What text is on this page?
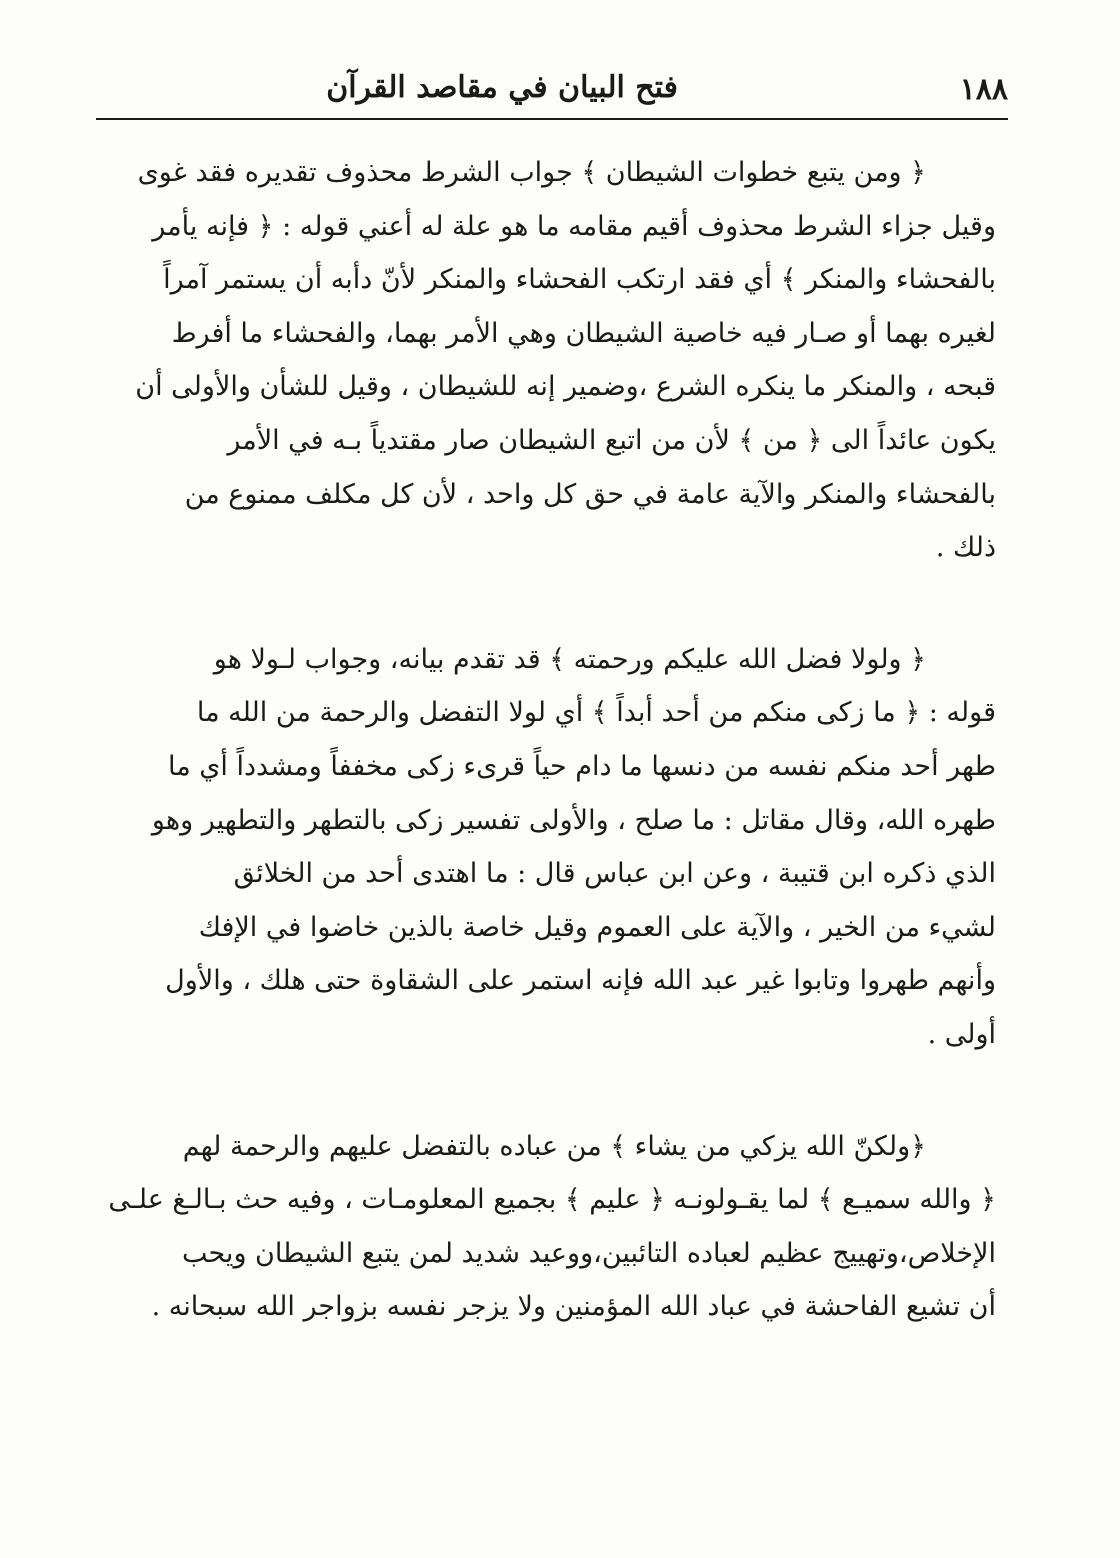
١٨٨
فتح البيان في مقاصد القرآن

﴿ ومن يتبع خطوات الشيطان ﴾ جواب الشرط محذوف تقديره فقد غوى
وقيل جزاء الشرط محذوف أقيم مقامه ما هو علة له أعني قوله : ﴿ فإنه يأمر
بالفحشاء والمنكر ﴾ أي فقد ارتكب الفحشاء والمنكر لأنّ دأبه أن يستمر آمراً
لغيره بهما أو صـار فيه خاصية الشيطان وهي الأمر بهما، والفحشاء ما أفرط
قبحه ، والمنكر ما ينكره الشرع ،وضمير إنه للشيطان ، وقيل للشأن والأولى أن
يكون عائداً الى ﴿ من ﴾ لأن من اتبع الشيطان صار مقتدياً بـه في الأمر
بالفحشاء والمنكر والآية عامة في حق كل واحد ، لأن كل مكلف ممنوع من
ذلك .

﴿ ولولا فضل الله عليكم ورحمته ﴾ قد تقدم بيانه، وجواب لـولا هو
قوله : ﴿ ما زكى منكم من أحد أبداً ﴾ أي لولا التفضل والرحمة من الله ما
طهر أحد منكم نفسه من دنسها ما دام حياً قرىء زكى مخففاً ومشدداً أي ما
طهره الله، وقال مقاتل : ما صلح ، والأولى تفسير زكى بالتطهر والتطهير وهو
الذي ذكره ابن قتيبة ، وعن ابن عباس قال : ما اهتدى أحد من الخلائق
لشيء من الخير ، والآية على العموم وقيل خاصة بالذين خاضوا في الإفك
وأنهم طهروا وتابوا غير عبد الله فإنه استمر على الشقاوة حتى هلك ، والأول
أولى .

﴿ولكنّ الله يزكي من يشاء ﴾ من عباده بالتفضل عليهم والرحمة لهم
﴿ والله سميـع ﴾ لما يقـولونـه ﴿ عليم ﴾ بجميع المعلومـات ، وفيه حث بـالـغ علـى
الإخلاص،وتهييج عظيم لعباده التائبين،ووعيد شديد لمن يتبع الشيطان ويحب
أن تشيع الفاحشة في عباد الله المؤمنين ولا يزجر نفسه بزواجر الله سبحانه .
